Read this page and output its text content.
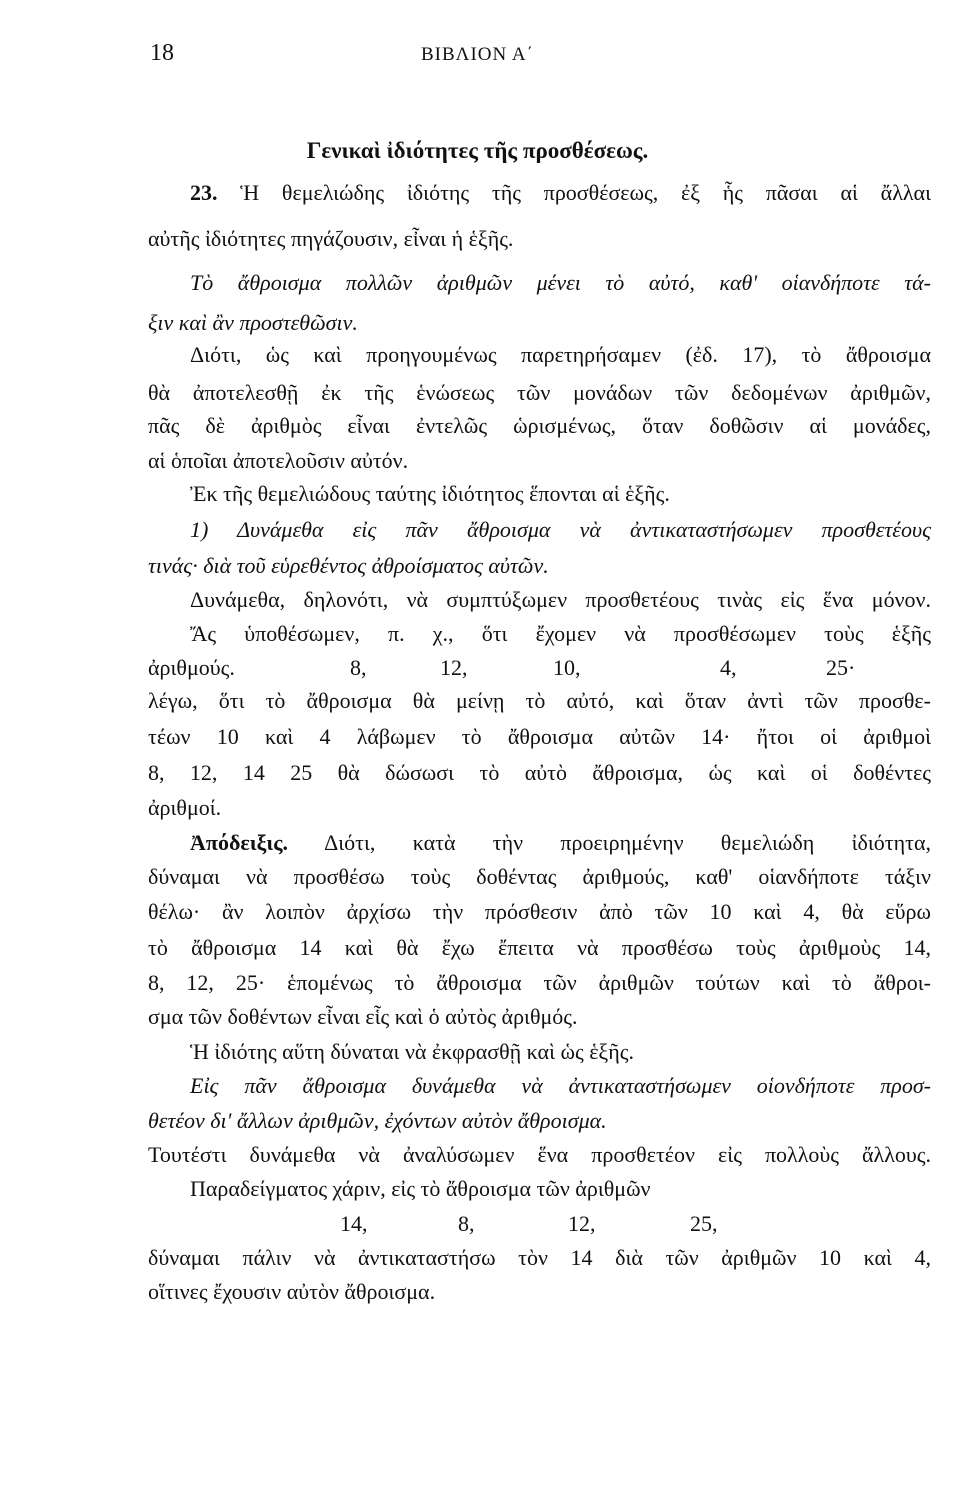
18	ΒΙΒΛΙΟΝ Α΄
Γενικαὶ ἰδιότητες τῆς προσθέσεως.
23. Ἡ θεμελιώδης ἰδιότης τῆς προσθέσεως, ἐξ ἧς πᾶσαι αἱ ἄλλαι
αὐτῆς ἰδιότητες πηγάζουσιν, εἶναι ἡ ἑξῆς.
Τὸ ἄθροισμα πολλῶν ἀριθμῶν μένει τὸ αὐτό, καθ' οἱανδήποτε τά-
ξιν καὶ ἂν προστεθῶσιν.
Διότι, ὡς καὶ προηγουμένως παρετηρήσαμεν (ἐδ. 17), τὸ ἄθροισμα
θὰ ἀποτελεσθῇ ἐκ τῆς ἑνώσεως τῶν μονάδων τῶν δεδομένων ἀριθμῶν,
πᾶς δὲ ἀριθμὸς εἶναι ἐντελῶς ὡρισμένως, ὅταν δοθῶσιν αἱ μονάδες,
αἱ ὁποῖαι ἀποτελοῦσιν αὐτόν.
Ἐκ τῆς θεμελιώδους ταύτης ἰδιότητος ἕπονται αἱ ἑξῆς.
1) Δυνάμεθα εἰς πᾶν ἄθροισμα νὰ ἀντικαταστήσωμεν προσθετέους
τινάς· διὰ τοῦ εὑρεθέντος ἀθροίσματος αὐτῶν.
Δυνάμεθα, δηλονότι, νὰ συμπτύξωμεν προσθετέους τινὰς εἰς ἕνα μόνον.
Ἄς ὑποθέσωμεν, π. χ., ὅτι ἔχομεν νὰ προσθέσωμεν τοὺς ἑξῆς
ἀριθμούς.	8,	12,	10,	4,	25·
λέγω, ὅτι τὸ ἄθροισμα θὰ μείνῃ τὸ αὐτό, καὶ ὅταν ἀντὶ τῶν προσθε-
τέων 10 καὶ 4 λάβωμεν τὸ ἄθροισμα αὐτῶν 14· ἤτοι οἱ ἀριθμοὶ
8, 12, 14 25 θὰ δώσωσι τὸ αὐτὸ ἄθροισμα, ὡς καὶ οἱ δοθέντες
ἀριθμοί.
Ἀπόδειξις. Διότι, κατὰ τὴν προειρημένην θεμελιώδη ἰδιότητα,
δύναμαι νὰ προσθέσω τοὺς δοθέντας ἀριθμούς, καθ' οἱανδήποτε τάξιν
θέλω· ἂν λοιπὸν ἀρχίσω τὴν πρόσθεσιν ἀπὸ τῶν 10 καὶ 4, θὰ εὕρω
τὸ ἄθροισμα 14 καὶ θὰ ἔχω ἔπειτα νὰ προσθέσω τοὺς ἀριθμοὺς 14,
8, 12, 25· ἑπομένως τὸ ἄθροισμα τῶν ἀριθμῶν τούτων καὶ τὸ ἄθροι-
σμα τῶν δοθέντων εἶναι εἷς καὶ ὁ αὐτὸς ἀριθμός.
Ἡ ἰδιότης αὕτη δύναται νὰ ἐκφρασθῇ καὶ ὡς ἑξῆς.
Εἰς πᾶν ἄθροισμα δυνάμεθα νὰ ἀντικαταστήσωμεν οἱονδήποτε προσ-
θετέον δι' ἄλλων ἀριθμῶν, ἐχόντων αὐτὸν ἄθροισμα.
Τουτέστι δυνάμεθα νὰ ἀναλύσωμεν ἕνα προσθετέον εἰς πολλοὺς ἄλλους.
Παραδείγματος χάριν, εἰς τὸ ἄθροισμα τῶν ἀριθμῶν
14,	8,	12,	25,
δύναμαι πάλιν νὰ ἀντικαταστήσω τὸν 14 διὰ τῶν ἀριθμῶν 10 καὶ 4,
οἵτινες ἔχουσιν αὐτὸν ἄθροισμα.
